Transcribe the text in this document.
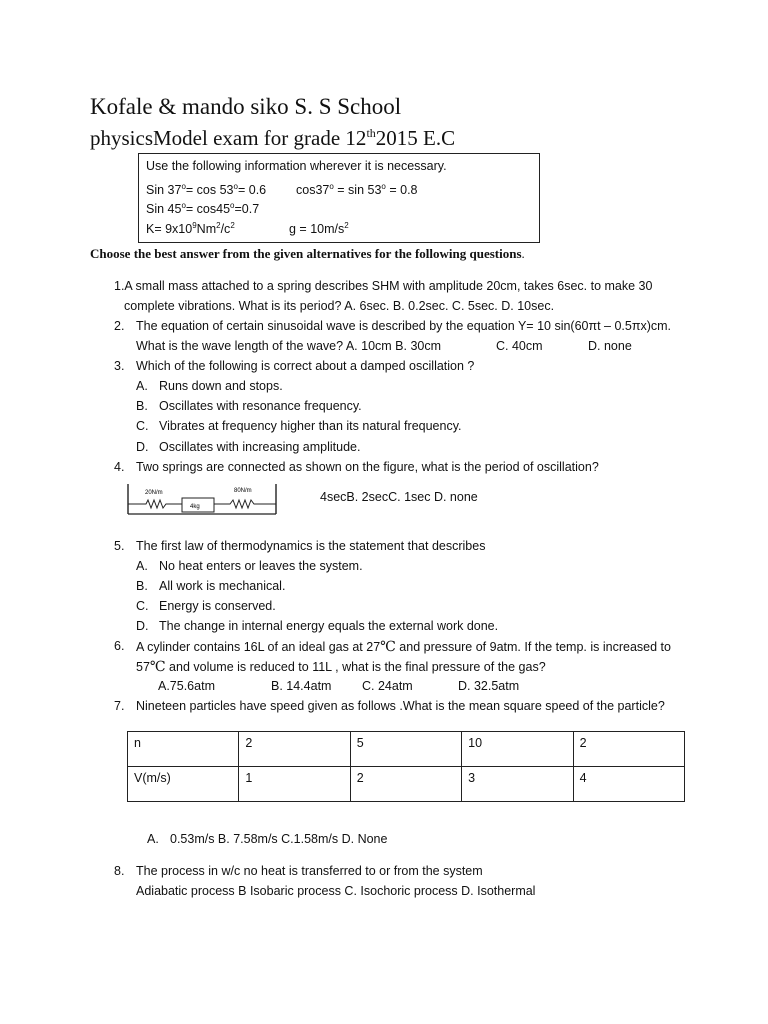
Kofale & mando siko S. S School
physicsModel exam for grade 12th2015 E.C
Use the following information wherever it is necessary.
Sin $37^o= \cos 53^o= 0.6$ $\cos 37^o = \sin 53^o = 0.8$
Sin $45^o= \cos 45^o=0.7$
$K= 9x10^9Nm^2/c^2$	$g = 10m/s^2$
Choose the best answer from the given alternatives for the following questions.
1.A small mass attached to a spring describes SHM with amplitude 20cm, takes 6sec. to make 30
complete vibrations. What is its period? A. 6sec. B. 0.2sec. C. 5sec. D. 10sec.
2. The equation of certain sinusoidal wave is described by the equation Y= 10 sin(60πt – 0.5πx)cm.
What is the wave length of the wave? A. 10cm B. 30cm	C. 40cm	D. none
3. Which of the following is correct about a damped oscillation ?
A. Runs down and stops.
B. Oscillates with resonance frequency.
C. Vibrates at frequency higher than its natural frequency.
D. Oscillates with increasing amplitude.
4. Two springs are connected as shown on the figure, what is the period of oscillation?
20N/m	80N/m
4kg
4secB. 2secC. 1sec D. none
5. The first law of thermodynamics is the statement that describes
A. No heat enters or leaves the system.
B. All work is mechanical.
C. Energy is conserved.
D. The change in internal energy equals the external work done.
6. A cylinder contains 16L of an ideal gas at 27℃ and pressure of 9atm. If the temp. is increased to
57℃ and volume is reduced to 11L , what is the final pressure of the gas?
A.75.6atm	B. 14.4atm C. 24atm	D. 32.5atm
7. Nineteen particles have speed given as follows .What is the mean square speed of the particle?
n	2	5	10	2
V(m/s)	1	2	3	4
A. 0.53m/s B. 7.58m/s C.1.58m/s D. None
8. The process in w/c no heat is transferred to or from the system
Adiabatic process B Isobaric process C. Isochoric process D. Isothermal
